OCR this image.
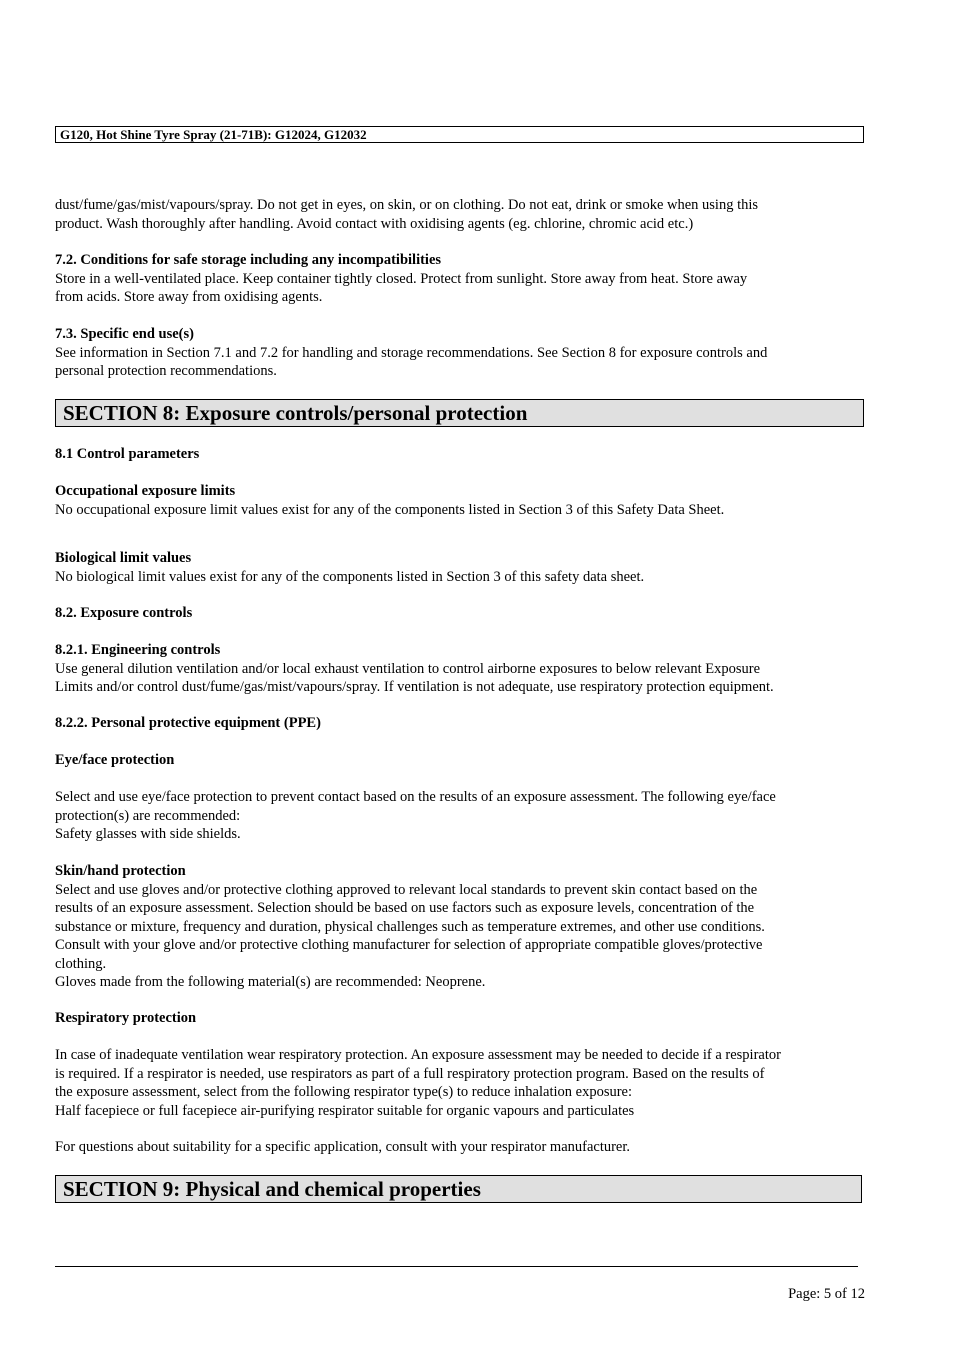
G120, Hot Shine Tyre Spray (21-71B): G12024, G12032
dust/fume/gas/mist/vapours/spray. Do not get in eyes, on skin, or on clothing. Do not eat, drink or smoke when using this
product. Wash thoroughly after handling. Avoid contact with oxidising agents (eg. chlorine, chromic acid etc.)
7.2. Conditions for safe storage including any incompatibilities
Store in a well-ventilated place. Keep container tightly closed. Protect from sunlight. Store away from heat. Store away
from acids. Store away from oxidising agents.
7.3. Specific end use(s)
See information in Section 7.1 and 7.2 for handling and storage recommendations. See Section 8 for exposure controls and
personal protection recommendations.
SECTION 8: Exposure controls/personal protection
8.1 Control parameters
Occupational exposure limits
No occupational exposure limit values exist for any of the components listed in Section 3 of this Safety Data Sheet.
Biological limit values
No biological limit values exist for any of the components listed in Section 3 of this safety data sheet.
8.2. Exposure controls
8.2.1. Engineering controls
Use general dilution ventilation and/or local exhaust ventilation to control airborne exposures to below relevant Exposure
Limits and/or control dust/fume/gas/mist/vapours/spray. If ventilation is not adequate, use respiratory protection equipment.
8.2.2. Personal protective equipment (PPE)
Eye/face protection
Select and use eye/face protection to prevent contact based on the results of an exposure assessment. The following eye/face
protection(s) are recommended:
Safety glasses with side shields.
Skin/hand protection
Select and use gloves and/or protective clothing approved to relevant local standards to prevent skin contact based on the
results of an exposure assessment. Selection should be based on use factors such as exposure levels, concentration of the
substance or mixture, frequency and duration, physical challenges such as temperature extremes, and other use conditions.
Consult with your glove and/or protective clothing manufacturer for selection of appropriate compatible gloves/protective
clothing.
Gloves made from the following material(s) are recommended: Neoprene.
Respiratory protection
In case of inadequate ventilation wear respiratory protection. An exposure assessment may be needed to decide if a respirator
is required. If a respirator is needed, use respirators as part of a full respiratory protection program. Based on the results of
the exposure assessment, select from the following respirator type(s) to reduce inhalation exposure:
Half facepiece or full facepiece air-purifying respirator suitable for organic vapours and particulates
For questions about suitability for a specific application, consult with your respirator manufacturer.
SECTION 9: Physical and chemical properties
Page: 5 of 12
